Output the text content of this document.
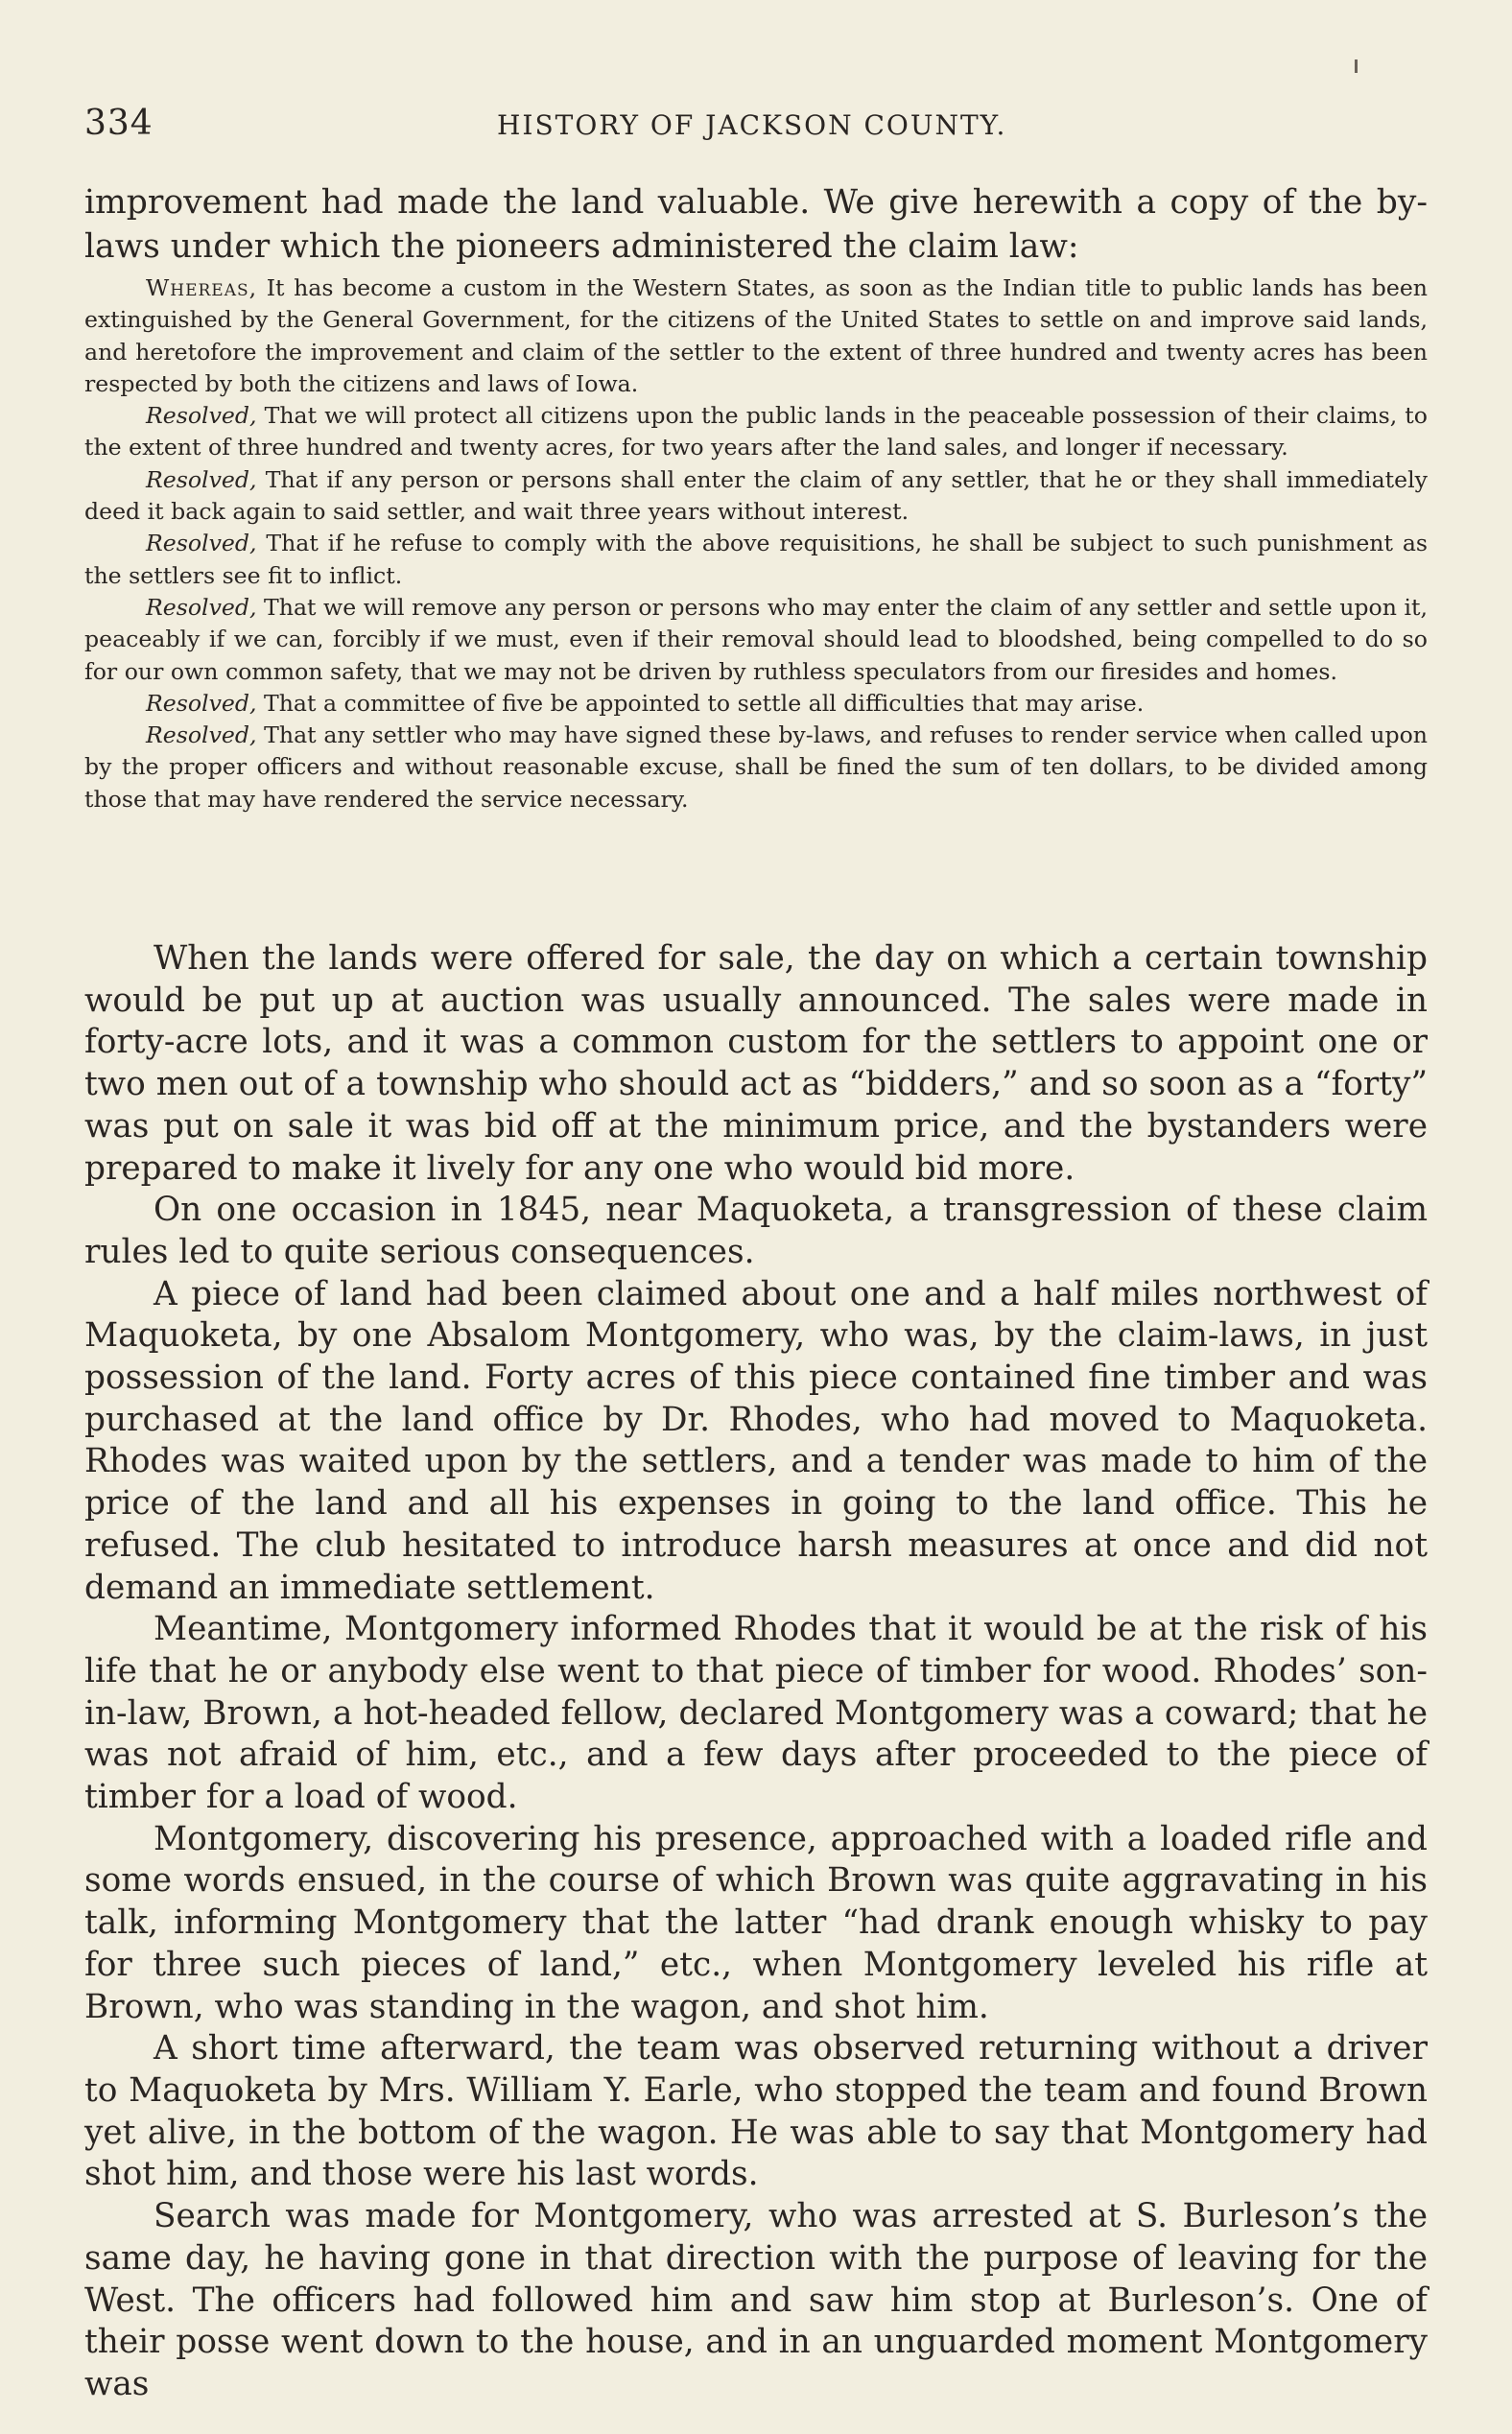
334	HISTORY OF JACKSON COUNTY.

improvement had made the land valuable. We give herewith a copy of the by-laws under which the pioneers administered the claim law:

Whereas, It has become a custom in the Western States, as soon as the Indian title to public lands has been extinguished by the General Government, for the citizens of the United States to settle on and improve said lands, and heretofore the improvement and claim of the settler to the extent of three hundred and twenty acres has been respected by both the citizens and laws of Iowa.

Resolved, That we will protect all citizens upon the public lands in the peaceable possession of their claims, to the extent of three hundred and twenty acres, for two years after the land sales, and longer if necessary.

Resolved, That if any person or persons shall enter the claim of any settler, that he or they shall immediately deed it back again to said settler, and wait three years without interest.

Resolved, That if he refuse to comply with the above requisitions, he shall be subject to such punishment as the settlers see fit to inflict.

Resolved, That we will remove any person or persons who may enter the claim of any settler and settle upon it, peaceably if we can, forcibly if we must, even if their removal should lead to bloodshed, being compelled to do so for our own common safety, that we may not be driven by ruthless speculators from our firesides and homes.

Resolved, That a committee of five be appointed to settle all difficulties that may arise.

Resolved, That any settler who may have signed these by-laws, and refuses to render service when called upon by the proper officers and without reasonable excuse, shall be fined the sum of ten dollars, to be divided among those that may have rendered the service necessary.

When the lands were offered for sale, the day on which a certain township would be put up at auction was usually announced. The sales were made in forty-acre lots, and it was a common custom for the settlers to appoint one or two men out of a township who should act as “bidders,” and so soon as a “forty” was put on sale it was bid off at the minimum price, and the bystanders were prepared to make it lively for any one who would bid more.

On one occasion in 1845, near Maquoketa, a transgression of these claim rules led to quite serious consequences.

A piece of land had been claimed about one and a half miles northwest of Maquoketa, by one Absalom Montgomery, who was, by the claim-laws, in just possession of the land. Forty acres of this piece contained fine timber and was purchased at the land office by Dr. Rhodes, who had moved to Maquoketa. Rhodes was waited upon by the settlers, and a tender was made to him of the price of the land and all his expenses in going to the land office. This he refused. The club hesitated to introduce harsh measures at once and did not demand an immediate settlement.

Meantime, Montgomery informed Rhodes that it would be at the risk of his life that he or anybody else went to that piece of timber for wood. Rhodes’ son-in-law, Brown, a hot-headed fellow, declared Montgomery was a coward; that he was not afraid of him, etc., and a few days after proceeded to the piece of timber for a load of wood.

Montgomery, discovering his presence, approached with a loaded rifle and some words ensued, in the course of which Brown was quite aggravating in his talk, informing Montgomery that the latter “had drank enough whisky to pay for three such pieces of land,” etc., when Montgomery leveled his rifle at Brown, who was standing in the wagon, and shot him.

A short time afterward, the team was observed returning without a driver to Maquoketa by Mrs. William Y. Earle, who stopped the team and found Brown yet alive, in the bottom of the wagon. He was able to say that Montgomery had shot him, and those were his last words.

Search was made for Montgomery, who was arrested at S. Burleson’s the same day, he having gone in that direction with the purpose of leaving for the West. The officers had followed him and saw him stop at Burleson’s. One of their posse went down to the house, and in an unguarded moment Montgomery was
